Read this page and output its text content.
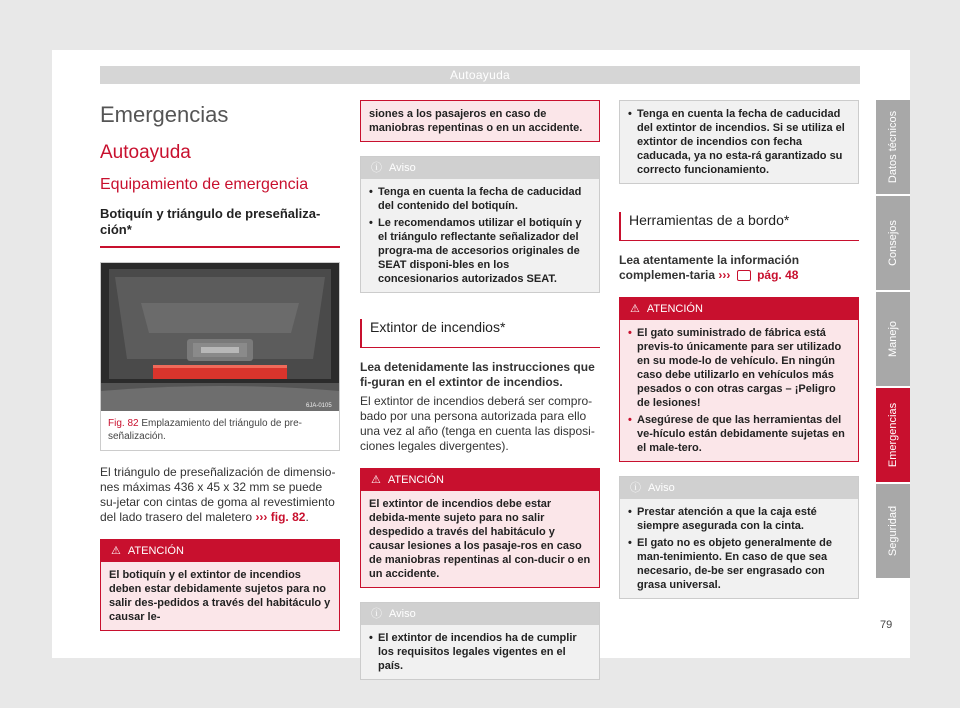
Autoayuda
Emergencias
Autoayuda
Equipamiento de emergencia
Botiquín y triángulo de preseñaliza-ción*
6JA-0105
Fig. 82 Emplazamiento del triángulo de pre-señalización.

El triángulo de preseñalización de dimensio-nes máximas 436 x 45 x 32 mm se puede su-jetar con cintas de goma al revestimiento del lado trasero del maletero ››› fig. 82.

⚠ ATENCIÓN
El botiquín y el extintor de incendios deben estar debidamente sujetos para no salir des-pedidos a través del habitáculo y causar le-
siones a los pasajeros en caso de maniobras repentinas o en un accidente.
ⓘ Aviso
• Tenga en cuenta la fecha de caducidad del contenido del botiquín.
• Le recomendamos utilizar el botiquín y el triángulo reflectante señalizador del progra-ma de accesorios originales de SEAT disponi-bles en los concesionarios autorizados SEAT.
Extintor de incendios*

Lea detenidamente las instrucciones que fi-guran en el extintor de incendios.

El extintor de incendios deberá ser compro-bado por una persona autorizada para ello una vez al año (tenga en cuenta las disposi-ciones legales divergentes).

⚠ ATENCIÓN
El extintor de incendios debe estar debida-mente sujeto para no salir despedido a través del habitáculo y causar lesiones a los pasaje-ros en caso de maniobras repentinas al con-ducir o en un accidente.
ⓘ Aviso
• El extintor de incendios ha de cumplir los requisitos legales vigentes en el país.
• Tenga en cuenta la fecha de caducidad del extintor de incendios. Si se utiliza el extintor de incendios con fecha caducada, ya no esta-rá garantizado su correcto funcionamiento.
Herramientas de a bordo*

Lea atentamente la información complemen-taria ››› pág. 48

⚠ ATENCIÓN
• El gato suministrado de fábrica está previs-to únicamente para ser utilizado en su mode-lo de vehículo. En ningún caso debe utilizarlo en vehículos más pesados o con otras cargas – ¡Peligro de lesiones!
• Asegúrese de que las herramientas del ve-hículo están debidamente sujetas en el male-tero.
ⓘ Aviso
• Prestar atención a que la caja esté siempre asegurada con la cinta.
• El gato no es objeto generalmente de man-tenimiento. En caso de que sea necesario, de-be ser engrasado con grasa universal.
Datos técnicos
Consejos
Manejo
Emergencias
Seguridad
79
